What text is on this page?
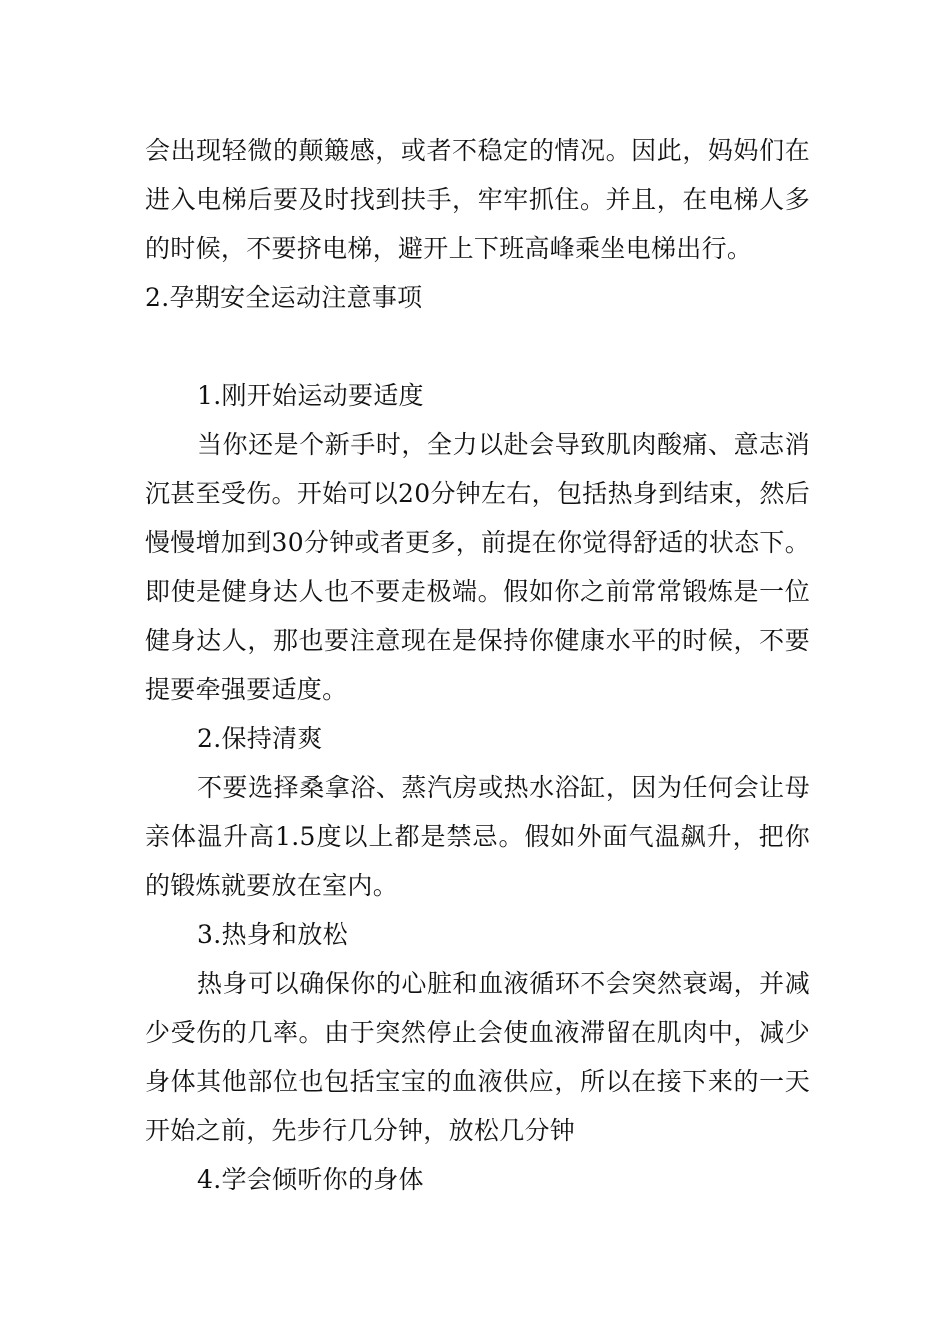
会出现轻微的颠簸感，或者不稳定的情况。因此，妈妈们在进入电梯后要及时找到扶手，牢牢抓住。并且，在电梯人多的时候，不要挤电梯，避开上下班高峰乘坐电梯出行。

2.孕期安全运动注意事项

1.刚开始运动要适度

当你还是个新手时，全力以赴会导致肌肉酸痛、意志消沉甚至受伤。开始可以20分钟左右，包括热身到结束，然后慢慢增加到30分钟或者更多，前提在你觉得舒适的状态下。即使是健身达人也不要走极端。假如你之前常常锻炼是一位健身达人，那也要注意现在是保持你健康水平的时候，不要提要牵强要适度。

2.保持清爽

不要选择桑拿浴、蒸汽房或热水浴缸，因为任何会让母亲体温升高1.5度以上都是禁忌。假如外面气温飙升，把你的锻炼就要放在室内。

3.热身和放松

热身可以确保你的心脏和血液循环不会突然衰竭，并减少受伤的几率。由于突然停止会使血液滞留在肌肉中，减少身体其他部位也包括宝宝的血液供应，所以在接下来的一天开始之前，先步行几分钟，放松几分钟

4.学会倾听你的身体
